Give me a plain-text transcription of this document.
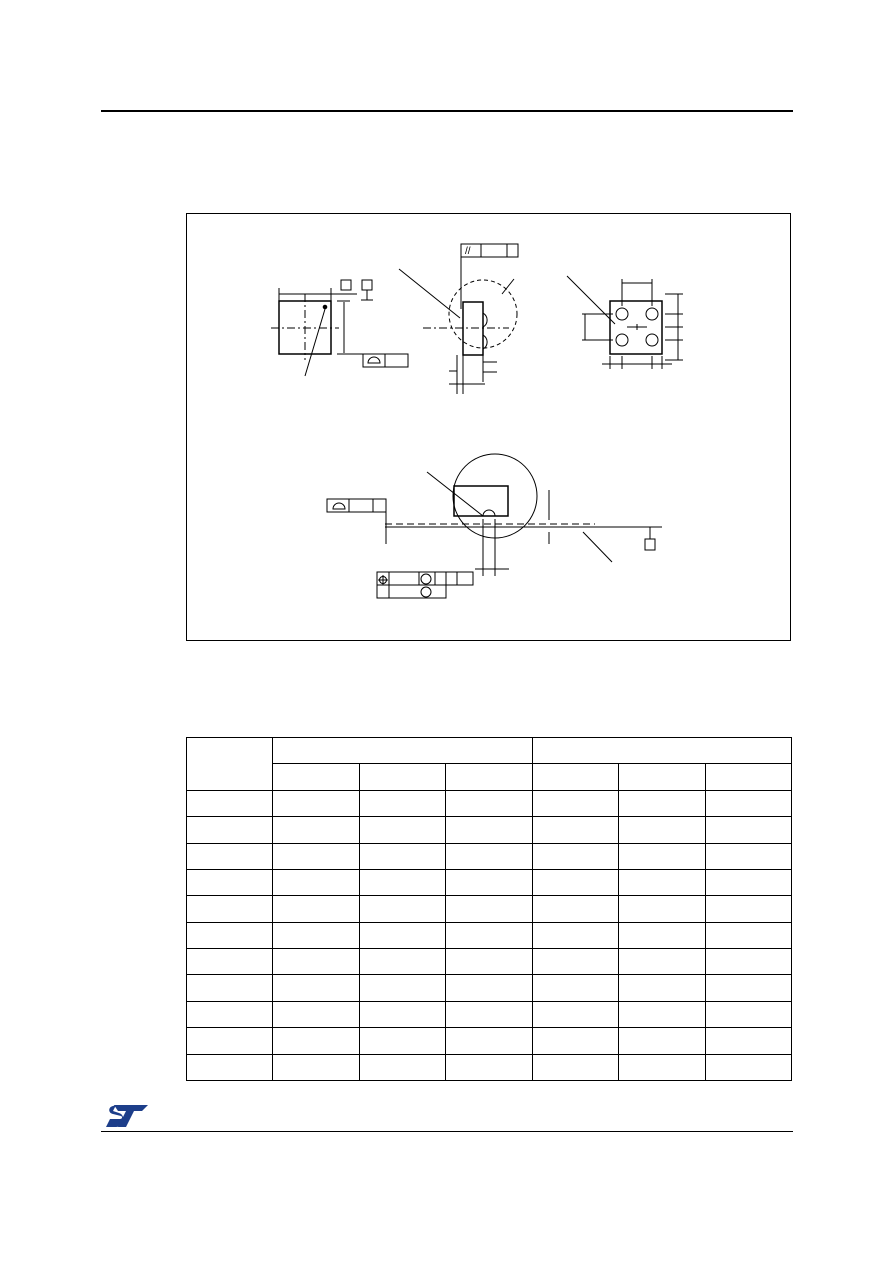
//
